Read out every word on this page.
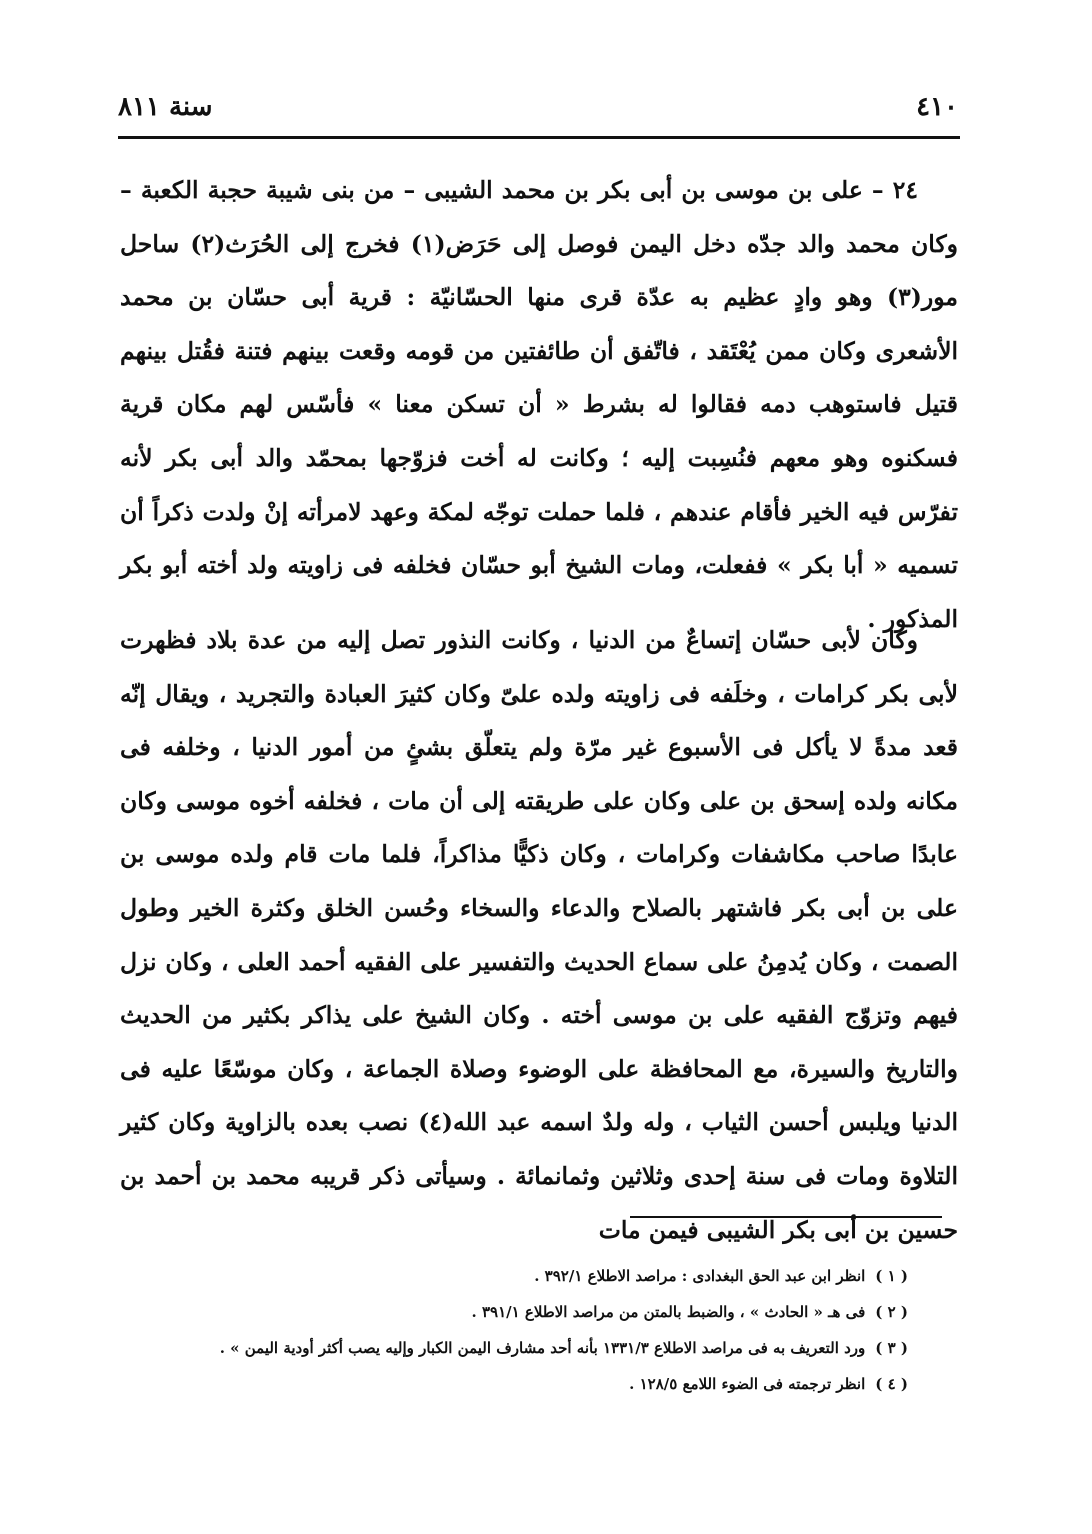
٤١٠
سنة ٨١١

٢٤ – على بن موسى بن أبى بكر بن محمد الشيبى – من بنى شيبة حجبة الكعبة – وكان محمد والد جدّه دخل اليمن فوصل إلى حَرَض(١) فخرج إلى الحُرَث(٢) ساحل مور(٣) وهو وادٍ عظيم به عدّة قرى منها الحسّانيّة : قرية أبى حسّان بن محمد الأشعرى وكان ممن يُعْتَقد ، فاتّفق أن طائفتين من قومه وقعت بينهم فتنة فقُتل بينهم قتيل فاستوهب دمه فقالوا له بشرط « أن تسكن معنا » فأسّس لهم مكان قرية فسكنوه وهو معهم فنُسِبت إليه ؛ وكانت له أخت فزوّجها بمحمّد والد أبى بكر لأنه تفرّس فيه الخير فأقام عندهم ، فلما حملت توجّه لمكة وعهد لامرأته إنْ ولدت ذكراً أن تسميه « أبا بكر » ففعلت، ومات الشيخ أبو حسّان فخلفه فى زاويته ولد أخته أبو بكر المذكور .

وكان لأبى حسّان إتساعٌ من الدنيا ، وكانت النذور تصل إليه من عدة بلاد فظهرت لأبى بكر كرامات ، وخلَفه فى زاويته ولده علىّ وكان كثيرَ العبادة والتجريد ، ويقال إنّه قعد مدةً لا يأكل فى الأسبوع غير مرّة ولم يتعلّق بشئٍ من أمور الدنيا ، وخلفه فى مكانه ولده إسحق بن على وكان على طريقته إلى أن مات ، فخلفه أخوه موسى وكان عابدًا صاحب مكاشفات وكرامات ، وكان ذكيًّا مذاكراً، فلما مات قام ولده موسى بن على بن أبى بكر فاشتهر بالصلاح والدعاء والسخاء وحُسن الخلق وكثرة الخير وطول الصمت ، وكان يُدمِنُ على سماع الحديث والتفسير على الفقيه أحمد العلى ، وكان نزل فيهم وتزوّج الفقيه على بن موسى أخته . وكان الشيخ على يذاكر بكثير من الحديث والتاريخ والسيرة، مع المحافظة على الوضوء وصلاة الجماعة ، وكان موسّعًا عليه فى الدنيا ويلبس أحسن الثياب ، وله ولدٌ اسمه عبد الله(٤) نصب بعده بالزاوية وكان كثير التلاوة ومات فى سنة إحدى وثلاثين وثمانمائة . وسيأتى ذكر قريبه محمد بن أحمد بن حسين بن أبى بكر الشيبى فيمن مات

( ١ )انظر ابن عبد الحق البغدادى : مراصد الاطلاع ٣٩٢/١ .
( ٢ )فى هـ « الحادث » ، والضبط بالمتن من مراصد الاطلاع ٣٩١/١ .
( ٣ )ورد التعريف به فى مراصد الاطلاع ١٣٣١/٣ بأنه أحد مشارف اليمن الكبار وإليه يصب أكثر أودية اليمن » .
( ٤ )انظر ترجمته فى الضوء اللامع ١٢٨/٥ .
